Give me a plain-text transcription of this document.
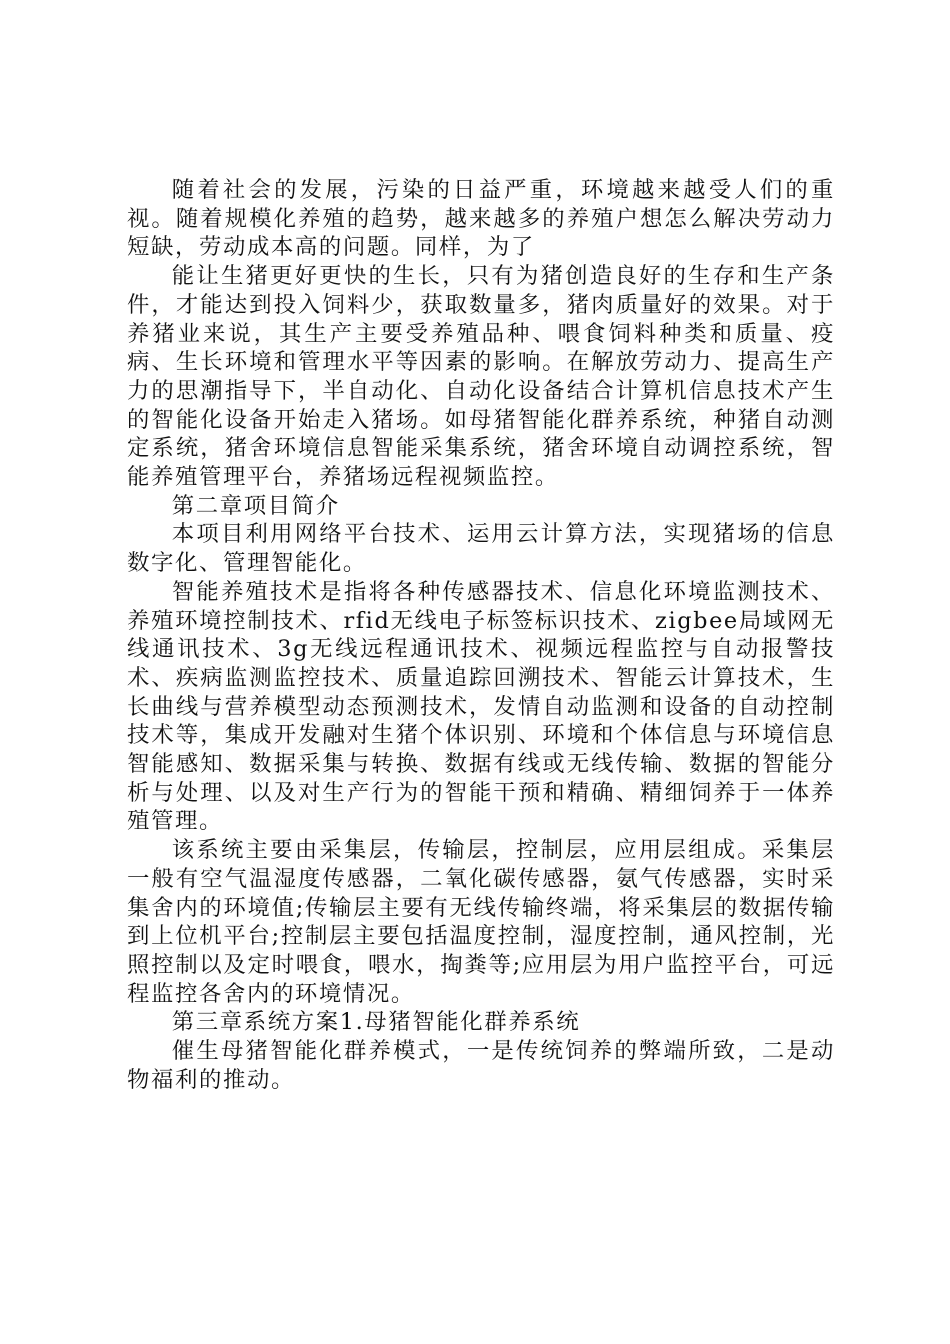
随着社会的发展，污染的日益严重，环境越来越受人们的重视。随着规模化养殖的趋势，越来越多的养殖户想怎么解决劳动力短缺，劳动成本高的问题。同样，为了

能让生猪更好更快的生长，只有为猪创造良好的生存和生产条件，才能达到投入饲料少，获取数量多，猪肉质量好的效果。对于养猪业来说，其生产主要受养殖品种、喂食饲料种类和质量、疫病、生长环境和管理水平等因素的影响。在解放劳动力、提高生产力的思潮指导下，半自动化、自动化设备结合计算机信息技术产生的智能化设备开始走入猪场。如母猪智能化群养系统，种猪自动测定系统，猪舍环境信息智能采集系统，猪舍环境自动调控系统，智能养殖管理平台，养猪场远程视频监控。

第二章项目简介

本项目利用网络平台技术、运用云计算方法，实现猪场的信息数字化、管理智能化。

智能养殖技术是指将各种传感器技术、信息化环境监测技术、养殖环境控制技术、rfid无线电子标签标识技术、zigbee局域网无线通讯技术、3g无线远程通讯技术、视频远程监控与自动报警技术、疾病监测监控技术、质量追踪回溯技术、智能云计算技术，生长曲线与营养模型动态预测技术，发情自动监测和设备的自动控制技术等，集成开发融对生猪个体识别、环境和个体信息与环境信息智能感知、数据采集与转换、数据有线或无线传输、数据的智能分析与处理、以及对生产行为的智能干预和精确、精细饲养于一体养殖管理。

该系统主要由采集层，传输层，控制层，应用层组成。采集层一般有空气温湿度传感器，二氧化碳传感器，氨气传感器，实时采集舍内的环境值;传输层主要有无线传输终端，将采集层的数据传输到上位机平台;控制层主要包括温度控制，湿度控制，通风控制，光照控制以及定时喂食，喂水，掏粪等;应用层为用户监控平台，可远程监控各舍内的环境情况。

第三章系统方案1.母猪智能化群养系统

催生母猪智能化群养模式，一是传统饲养的弊端所致，二是动物福利的推动。
